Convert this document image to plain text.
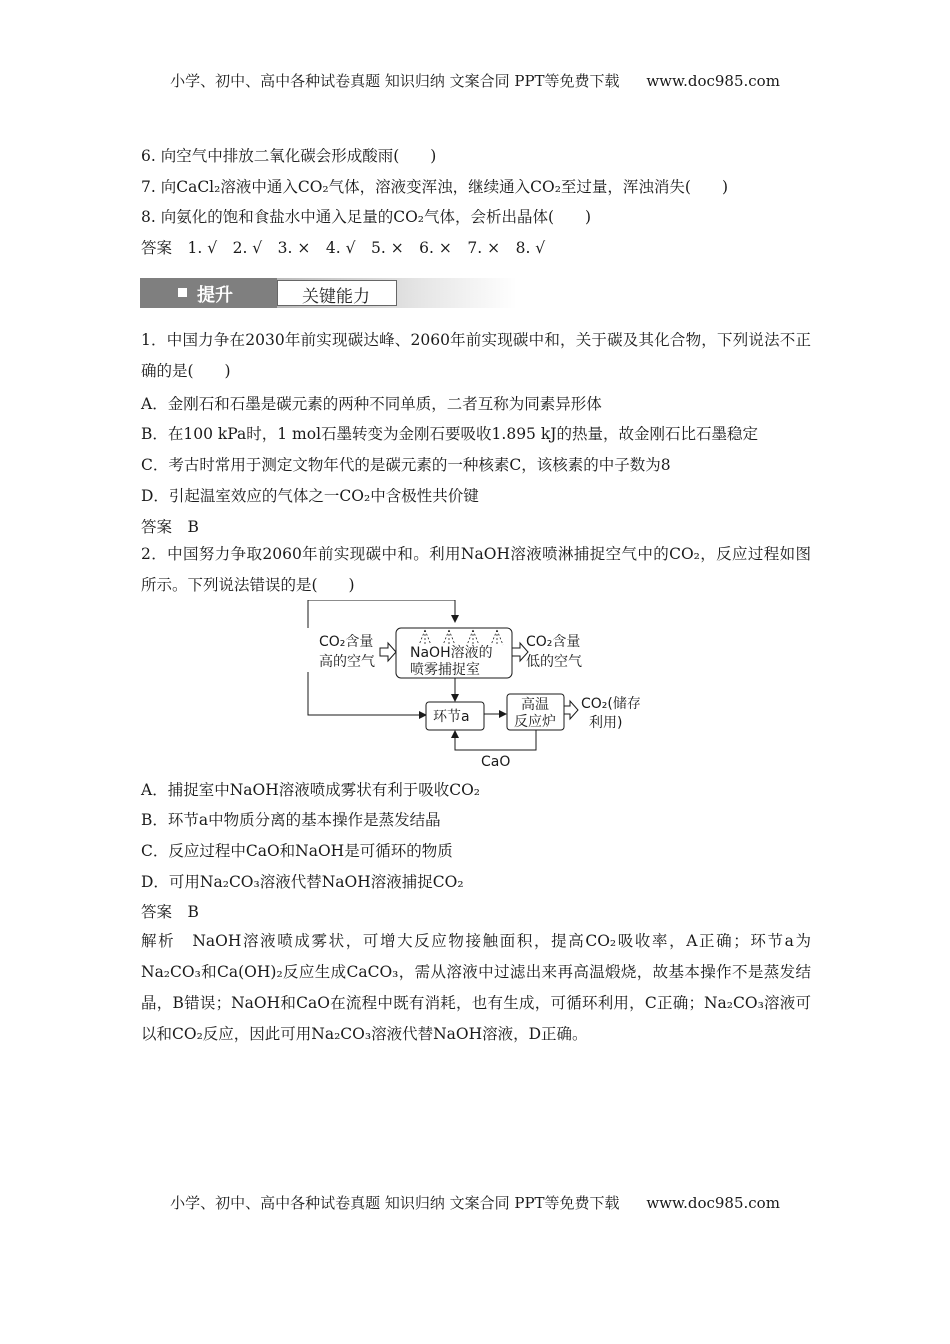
小学、初中、高中各种试卷真题 知识归纳 文案合同 PPT等免费下载 www.doc985.com
6. 向空气中排放二氧化碳会形成酸雨(　　)
7. 向CaCl₂溶液中通入CO₂气体，溶液变浑浊，继续通入CO₂至过量，浑浊消失(　　)
8. 向氨化的饱和食盐水中通入足量的CO₂气体，会析出晶体(　　)
答案　1. √　2. √　3. ×　4. √　5. ×　6. ×　7. ×　8. √
提升	关键能力
1．中国力争在2030年前实现碳达峰、2060年前实现碳中和，关于碳及其化合物，下列说法不正确的是(　　)
A．金刚石和石墨是碳元素的两种不同单质，二者互称为同素异形体
B．在100 kPa时，1 mol石墨转变为金刚石要吸收1.895 kJ的热量，故金刚石比石墨稳定
C．考古时常用于测定文物年代的是碳元素的一种核素C，该核素的中子数为8
D．引起温室效应的气体之一CO₂中含极性共价键
答案　B
2．中国努力争取2060年前实现碳中和。利用NaOH溶液喷淋捕捉空气中的CO₂，反应过程如图所示。下列说法错误的是(　　)
CO₂含量
高的空气
NaOH溶液的
喷雾捕捉室
CO₂含量
低的空气
环节a
高温
反应炉
CO₂(储存
利用)
CaO
A．捕捉室中NaOH溶液喷成雾状有利于吸收CO₂
B．环节a中物质分离的基本操作是蒸发结晶
C．反应过程中CaO和NaOH是可循环的物质
D．可用Na₂CO₃溶液代替NaOH溶液捕捉CO₂
答案　B
解析　NaOH溶液喷成雾状，可增大反应物接触面积，提高CO₂吸收率，A正确；环节a为Na₂CO₃和Ca(OH)₂反应生成CaCO₃，需从溶液中过滤出来再高温煅烧，故基本操作不是蒸发结晶，B错误；NaOH和CaO在流程中既有消耗，也有生成，可循环利用，C正确；Na₂CO₃溶液可以和CO₂反应，因此可用Na₂CO₃溶液代替NaOH溶液，D正确。
小学、初中、高中各种试卷真题 知识归纳 文案合同 PPT等免费下载 www.doc985.com
